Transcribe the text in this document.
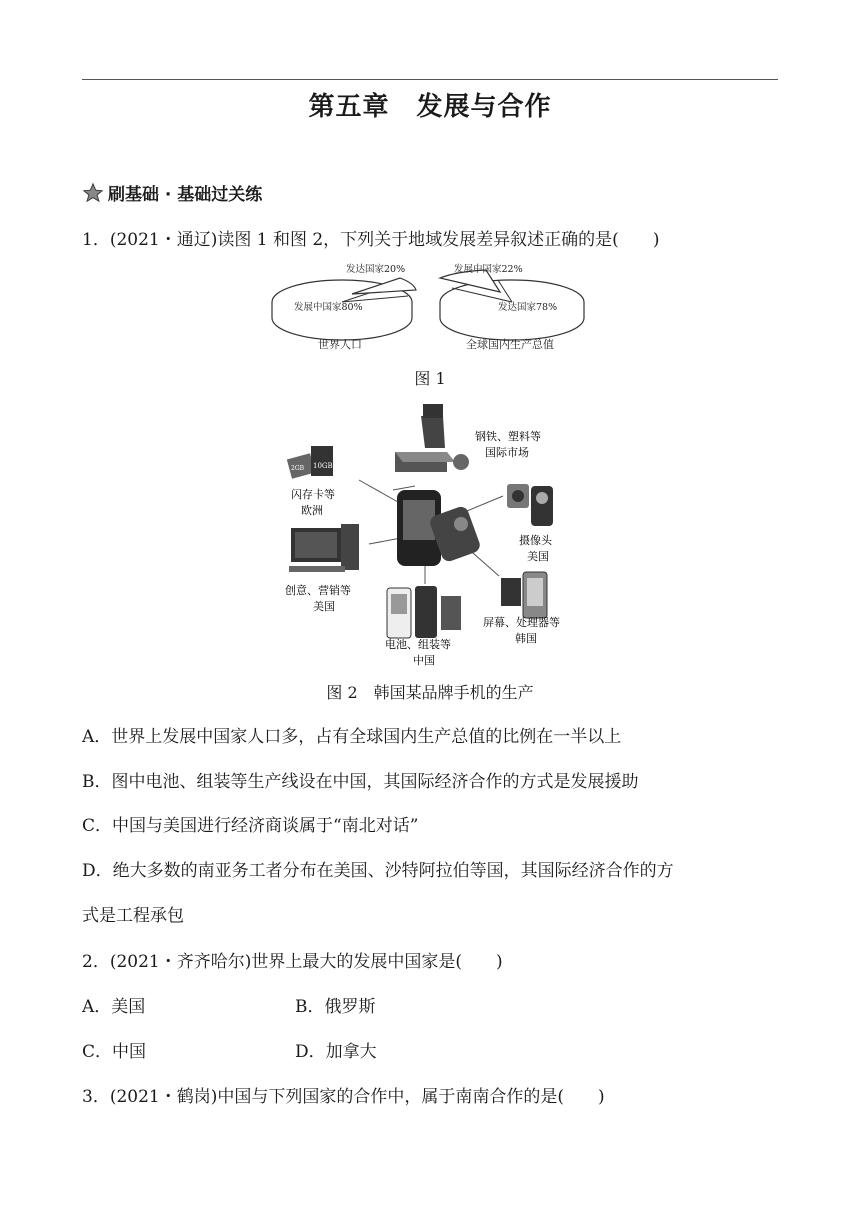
第五章　发展与合作
刷基础 · 基础过关练
1．(2021・通辽)读图 1 和图 2，下列关于地域发展差异叙述正确的是(　　)
发达国家20%
发展中国家80%
世界人口
发展中国家22%
发达国家78%
全球国内生产总值
图 1
钢铁、塑料等
国际市场
2GB 10GB
闪存卡等
欧洲
摄像头
美国
创意、营销等
美国
电池、组装等
中国
屏幕、处理器等
韩国
图 2　韩国某品牌手机的生产
A．世界上发展中国家人口多，占有全球国内生产总值的比例在一半以上
B．图中电池、组装等生产线设在中国，其国际经济合作的方式是发展援助
C．中国与美国进行经济商谈属于“南北对话”
D．绝大多数的南亚务工者分布在美国、沙特阿拉伯等国，其国际经济合作的方
式是工程承包
2．(2021・齐齐哈尔)世界上最大的发展中国家是(　　)
A．美国	B．俄罗斯
C．中国	D．加拿大
3．(2021・鹤岗)中国与下列国家的合作中，属于南南合作的是(　　)
